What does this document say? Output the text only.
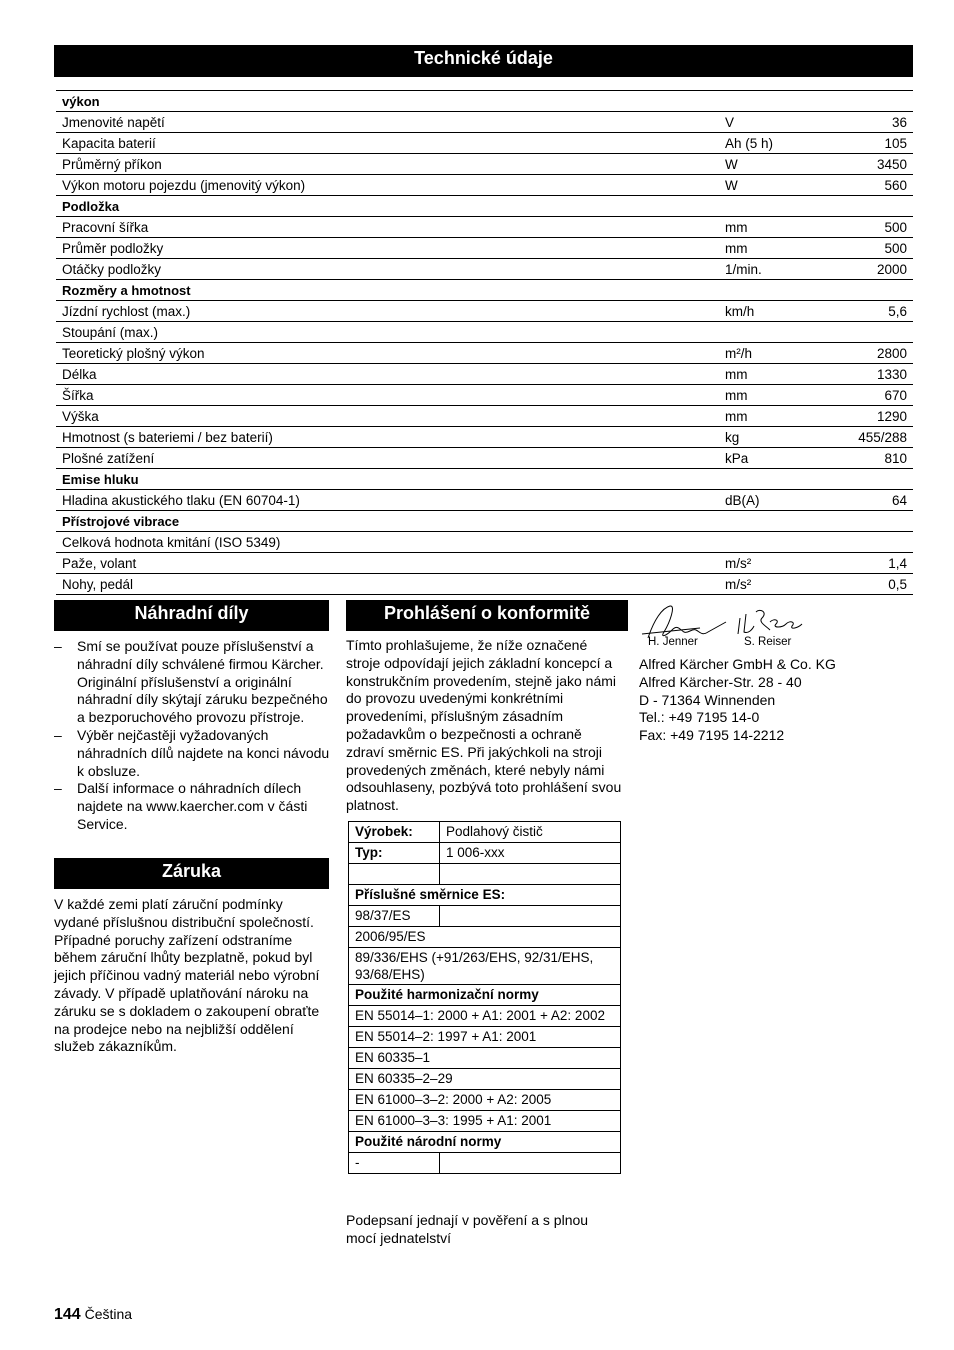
Technické údaje
výkon		
Jmenovité napětí	V	36
Kapacita baterií	Ah (5 h)	105
Průměrný příkon	W	3450
Výkon motoru pojezdu (jmenovitý výkon)	W	560
Podložka		
Pracovní šířka	mm	500
Průměr podložky	mm	500
Otáčky podložky	1/min.	2000
Rozměry a hmotnost		
Jízdní rychlost (max.)	km/h	5,6
Stoupání (max.)		
Teoretický plošný výkon	m²/h	2800
Délka	mm	1330
Šířka	mm	670
Výška	mm	1290
Hmotnost (s bateriemi / bez baterií)	kg	455/288
Plošné zatížení	kPa	810
Emise hluku		
Hladina akustického tlaku (EN 60704-1)	dB(A)	64
Přístrojové vibrace		
Celková hodnota kmitání (ISO 5349)		
Paže, volant	m/s²	1,4
Nohy, pedál	m/s²	0,5
Náhradní díly
– Smí se používat pouze příslušenství a náhradní díly schválené firmou Kärcher. Originální příslušenství a originální náhradní díly skýtají záruku bezpečného a bezporuchového provozu přístroje.
– Výběr nejčastěji vyžadovaných náhradních dílů najdete na konci návodu k obsluze.
– Další informace o náhradních dílech najdete na www.kaercher.com v části Service.
Záruka
V každé zemi platí záruční podmínky vydané příslušnou distribuční společností. Případné poruchy zařízení odstraníme během záruční lhůty bezplatně, pokud byl jejich příčinou vadný materiál nebo výrobní závady. V případě uplatňování nároku na záruku se s dokladem o zakoupení obraťte na prodejce nebo na nejbližší oddělení služeb zákazníkům.
Prohlášení o konformitě
Tímto prohlašujeme, že níže označené stroje odpovídají jejich základní koncepcí a konstrukčním provedením, stejně jako námi do provozu uvedenými konkrétními provedeními, příslušným zásadním požadavkům o bezpečnosti a ochraně zdraví směrnic ES. Při jakýchkoli na stroji provedených změnách, které nebyly námi odsouhlaseny, pozbývá toto prohlášení svou platnost.
Výrobek:	Podlahový čistič
Typ:	1 006-xxx

Příslušné směrnice ES:	
98/37/ES	
2006/95/ES	
89/336/EHS (+91/263/EHS, 92/31/EHS, 93/68/EHS)	
Použité harmonizační normy	
EN 55014–1: 2000 + A1: 2001 + A2: 2002	
EN 55014–2: 1997 + A1: 2001	
EN 60335–1	
EN 60335–2–29	
EN 61000–3–2: 2000 + A2: 2005	
EN 61000–3–3: 1995 + A1: 2001	
Použité národní normy	
-	
Podepsaní jednají v pověření a s plnou mocí jednatelství
H. Jenner	S. Reiser
Alfred Kärcher GmbH & Co. KG
Alfred Kärcher-Str. 28 - 40
D - 71364 Winnenden
Tel.: +49 7195 14-0
Fax: +49 7195 14-2212
144 Čeština
